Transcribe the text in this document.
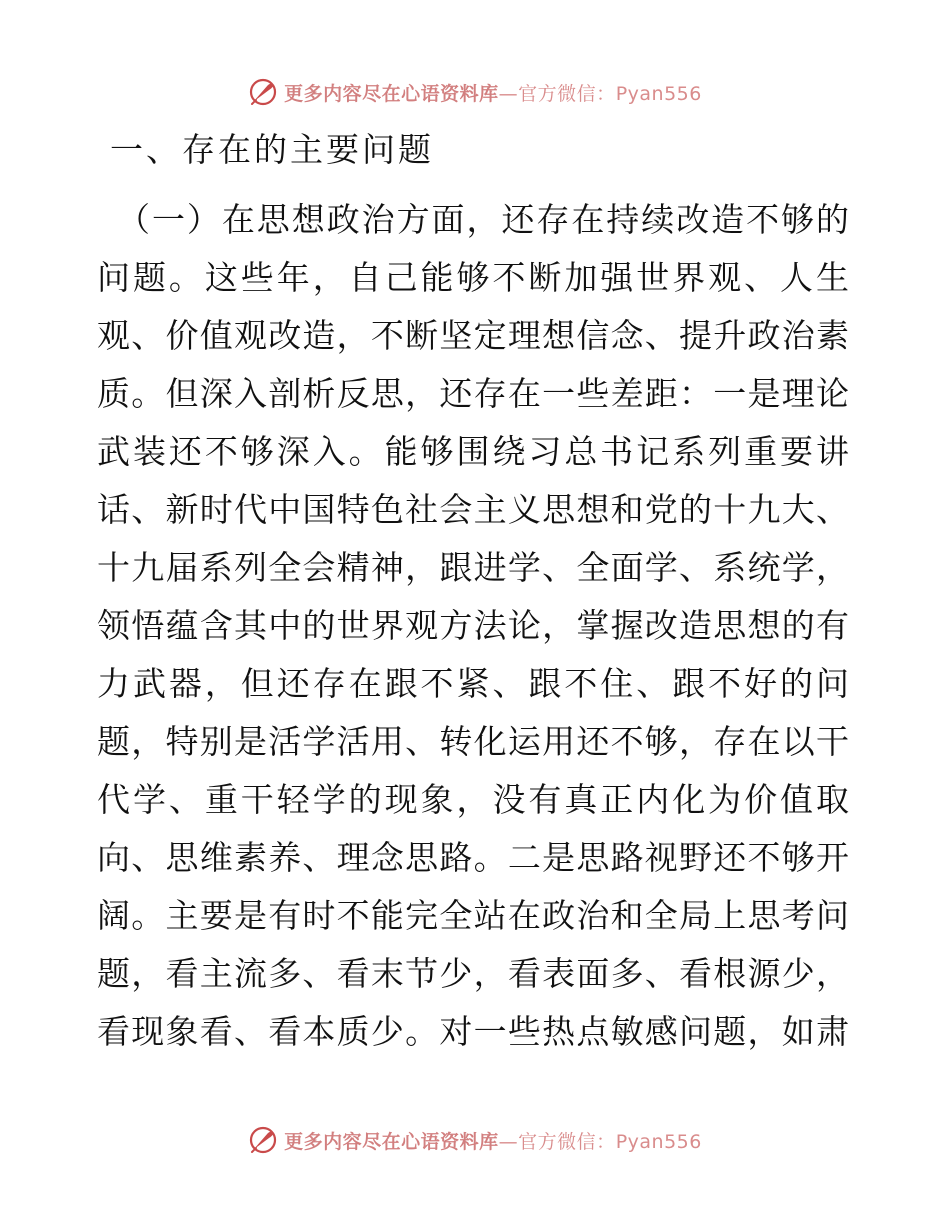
更多内容尽在心语资料库—官方微信：Pyan556
一、存在的主要问题
（一）在思想政治方面，还存在持续改造不够的
问题。这些年，自己能够不断加强世界观、人生
观、价值观改造，不断坚定理想信念、提升政治素
质。但深入剖析反思，还存在一些差距：一是理论
武装还不够深入。能够围绕习总书记系列重要讲
话、新时代中国特色社会主义思想和党的十九大、
十九届系列全会精神，跟进学、全面学、系统学，
领悟蕴含其中的世界观方法论，掌握改造思想的有
力武器，但还存在跟不紧、跟不住、跟不好的问
题，特别是活学活用、转化运用还不够，存在以干
代学、重干轻学的现象，没有真正内化为价值取
向、思维素养、理念思路。二是思路视野还不够开
阔。主要是有时不能完全站在政治和全局上思考问
题，看主流多、看末节少，看表面多、看根源少，
看现象看、看本质少。对一些热点敏感问题，如肃
更多内容尽在心语资料库—官方微信：Pyan556
